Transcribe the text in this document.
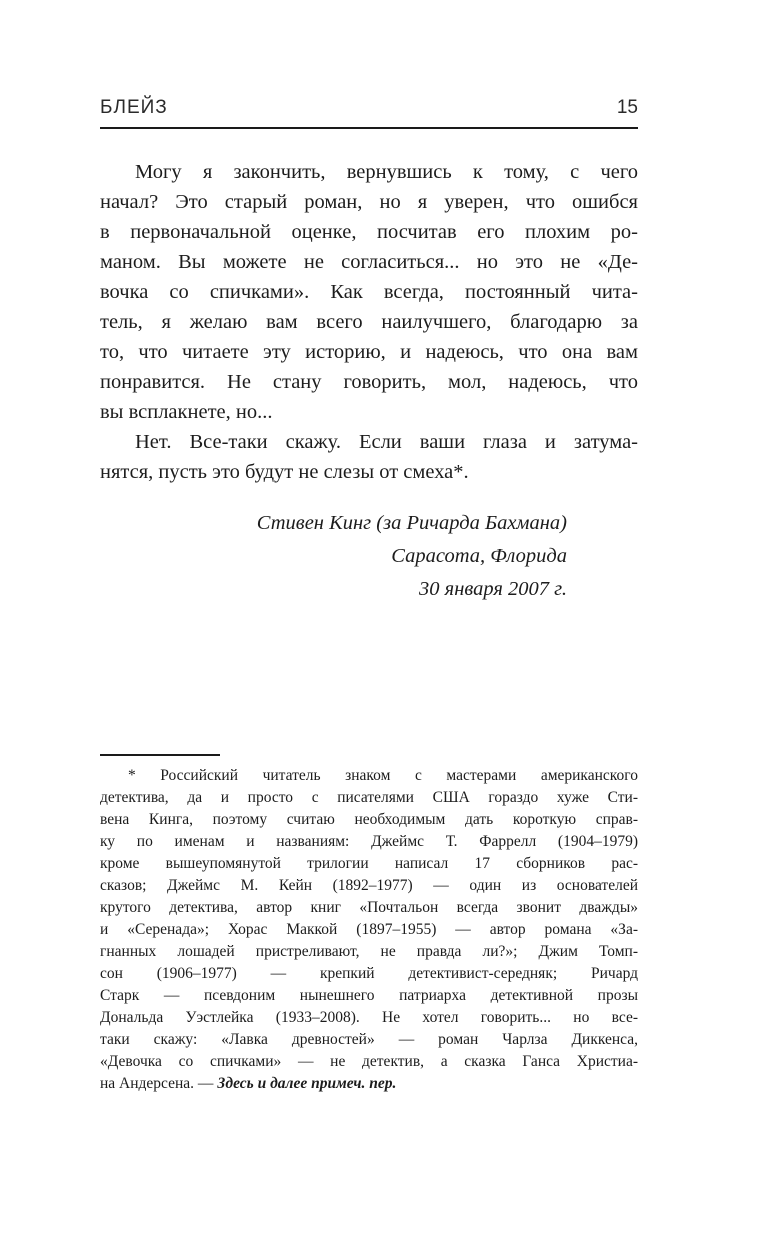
БЛЕЙЗ	15
Могу я закончить, вернувшись к тому, с чего
начал? Это старый роман, но я уверен, что ошибся
в первоначальной оценке, посчитав его плохим ро-
маном. Вы можете не согласиться... но это не «Де-
вочка со спичками». Как всегда, постоянный чита-
тель, я желаю вам всего наилучшего, благодарю за
то, что читаете эту историю, и надеюсь, что она вам
понравится. Не стану говорить, мол, надеюсь, что
вы всплакнете, но...
Нет. Все-таки скажу. Если ваши глаза и затума-
нятся, пусть это будут не слезы от смеха*.
Стивен Кинг (за Ричарда Бахмана)
Сарасота, Флорида
30 января 2007 г.
* Российский читатель знаком с мастерами американского
детектива, да и просто с писателями США гораздо хуже Сти-
вена Кинга, поэтому считаю необходимым дать короткую справ-
ку по именам и названиям: Джеймс Т. Фаррелл (1904–1979)
кроме вышеупомянутой трилогии написал 17 сборников рас-
сказов; Джеймс М. Кейн (1892–1977) — один из основателей
крутого детектива, автор книг «Почтальон всегда звонит дважды»
и «Серенада»; Хорас Маккой (1897–1955) — автор романа «За-
гнанных лошадей пристреливают, не правда ли?»; Джим Томп-
сон (1906–1977) — крепкий детективист-середняк; Ричард
Старк — псевдоним нынешнего патриарха детективной прозы
Дональда Уэстлейка (1933–2008). Не хотел говорить... но все-
таки скажу: «Лавка древностей» — роман Чарлза Диккенса,
«Девочка со спичками» — не детектив, а сказка Ганса Христиа-
на Андерсена. — Здесь и далее примеч. пер.
